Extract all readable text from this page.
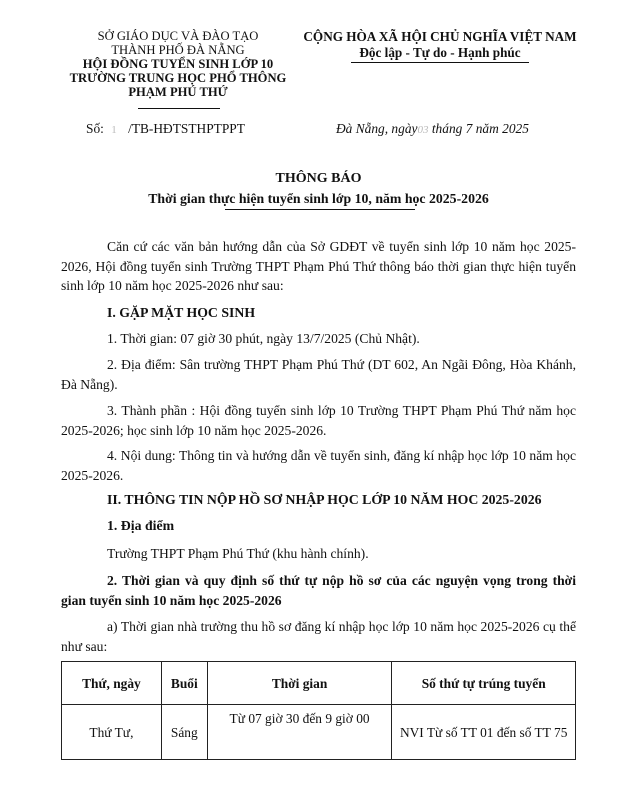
SỞ GIÁO DỤC VÀ ĐÀO TẠO
THÀNH PHỐ ĐÀ NẴNG
HỘI ĐỒNG TUYỂN SINH LỚP 10
TRƯỜNG TRUNG HỌC PHỔ THÔNG
PHẠM PHÚ THỨ
CỘNG HÒA XÃ HỘI CHỦ NGHĨA VIỆT NAM
Độc lập - Tự do - Hạnh phúc
Số: 1 /TB-HĐTSTHPTPPT	Đà Nẵng, ngày03 tháng 7 năm 2025
THÔNG BÁO
Thời gian thực hiện tuyển sinh lớp 10, năm học 2025-2026
Căn cứ các văn bản hướng dẫn của Sở GDĐT về tuyển sinh lớp 10 năm học 2025-2026, Hội đồng tuyển sinh Trường THPT Phạm Phú Thứ thông báo thời gian thực hiện tuyển sinh lớp 10 năm học 2025-2026 như sau:
I. GẶP MẶT HỌC SINH
1. Thời gian: 07 giờ 30 phút, ngày 13/7/2025 (Chủ Nhật).
2. Địa điểm: Sân trường THPT Phạm Phú Thứ (DT 602, An Ngãi Đông, Hòa Khánh, Đà Nẵng).
3. Thành phần : Hội đồng tuyển sinh lớp 10 Trường THPT Phạm Phú Thứ năm học 2025-2026; học sinh lớp 10 năm học 2025-2026.
4. Nội dung: Thông tin và hướng dẫn về tuyển sinh, đăng kí nhập học lớp 10 năm học 2025-2026.
II. THÔNG TIN NỘP HỒ SƠ NHẬP HỌC LỚP 10 NĂM HOC 2025-2026
1. Địa điểm
Trường THPT Phạm Phú Thứ (khu hành chính).
2. Thời gian và quy định số thứ tự nộp hồ sơ của các nguyện vọng trong thời gian tuyển sinh 10 năm học 2025-2026
a) Thời gian nhà trường thu hồ sơ đăng kí nhập học lớp 10 năm học 2025-2026 cụ thể như sau:
Thứ, ngày	Buổi	Thời gian	Số thứ tự trúng tuyển
Thứ Tư,	Sáng	Từ 07 giờ 30 đến 9 giờ 00	NVI Từ số TT 01 đến số TT 75
